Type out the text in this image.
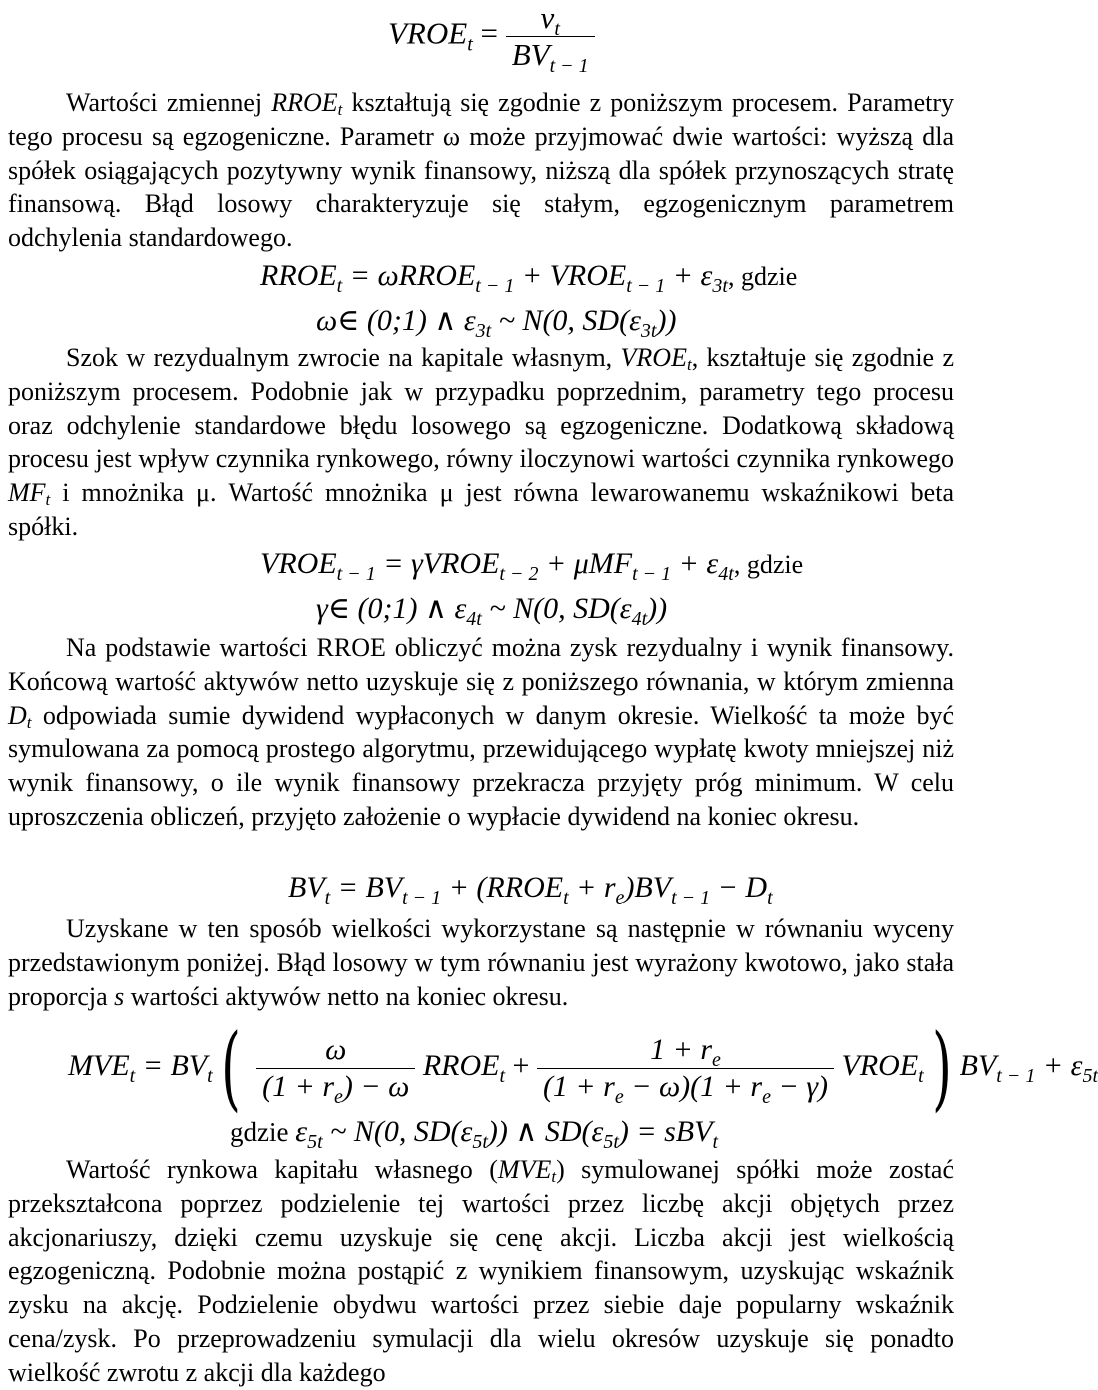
$VROE_t = \frac{v_t}{BV_{t - 1}}$

Wartości zmiennej $RROE_t$ kształtują się zgodnie z poniższym procesem. Parametry tego procesu są egzogeniczne. Parametr ω może przyjmować dwie wartości: wyższą dla spółek osiągających pozytywny wynik finansowy, niższą dla spółek przynoszących stratę finansową. Błąd losowy charakteryzuje się stałym, egzogenicznym parametrem odchylenia standardowego.

$RROE_t$ = ωRROE$_{t - 1}$ + $VROE_{t - 1} + \varepsilon_{3t}$, gdzie
ω∈ (0;1) ∧ $\varepsilon_{3t}$ ~ N(0, $SD(\varepsilon_{3t})$)

Szok w rezydualnym zwrocie na kapitale własnym, $VROE_t$, kształtuje się zgodnie z poniższym procesem. Podobnie jak w przypadku poprzednim, parametry tego procesu oraz odchylenie standardowe błędu losowego są egzogeniczne. Dodatkową składową procesu jest wpływ czynnika rynkowego, równy iloczynowi wartości czynnika rynkowego $MF_t$ i mnożnika μ. Wartość mnożnika μ jest równa lewarowanemu wskaźnikowi beta spółki.

$VROE_{t - 1}$ = γVROE$_{t - 2}$ + $\mu MF_{t - 1} + \varepsilon_{4t}$, gdzie
γ∈ (0;1) ∧ $\varepsilon_{4t}$ ~ N(0, $SD(\varepsilon_{4t})$)

Na podstawie wartości RROE obliczyć można zysk rezydualny i wynik finansowy. Końcową wartość aktywów netto uzyskuje się z poniższego równania, w którym zmienna $D_t$ odpowiada sumie dywidend wypłaconych w danym okresie. Wielkość ta może być symulowana za pomocą prostego algorytmu, przewidującego wypłatę kwoty mniejszej niż wynik finansowy, o ile wynik finansowy przekracza przyjęty próg minimum. W celu uproszczenia obliczeń, przyjęto założenie o wypłacie dywidend na koniec okresu.

$BV_t = BV_{t - 1}$ + $(RROE_t + r_e)BV_{t - 1} - D_t$

Uzyskane w ten sposób wielkości wykorzystane są następnie w równaniu wyceny przedstawionym poniżej. Błąd losowy w tym równaniu jest wyrażony kwotowo, jako stała proporcja s wartości aktywów netto na koniec okresu.

$MVE_t = BV_t( \frac{\omega}{(1 + r_e) - \omega}$ $RROE_t + \frac{1 + r_e}{(1 + r_e - \omega)(1 + r_e - \gamma)}$ $VROE_t$) $BV_{t - 1} + \varepsilon_{5t}$
gdzie $\varepsilon_{5t}$ ~ N(0, $SD(\varepsilon_{5t})$) ∧ $SD(\varepsilon_{5t}) = sBV_t$

Wartość rynkowa kapitału własnego $(MVE_t)$ symulowanej spółki może zostać przekształcona poprzez podzielenie tej wartości przez liczbę akcji objętych przez akcjonariuszy, dzięki czemu uzyskuje się cenę akcji. Liczba akcji jest wielkością egzogeniczną. Podobnie można postąpić z wynikiem finansowym, uzyskując wskaźnik zysku na akcję. Podzielenie obydwu wartości przez siebie daje popularny wskaźnik cena/zysk. Po przeprowadzeniu symulacji dla wielu okresów uzyskuje się ponadto wielkość zwrotu z akcji dla każdego
